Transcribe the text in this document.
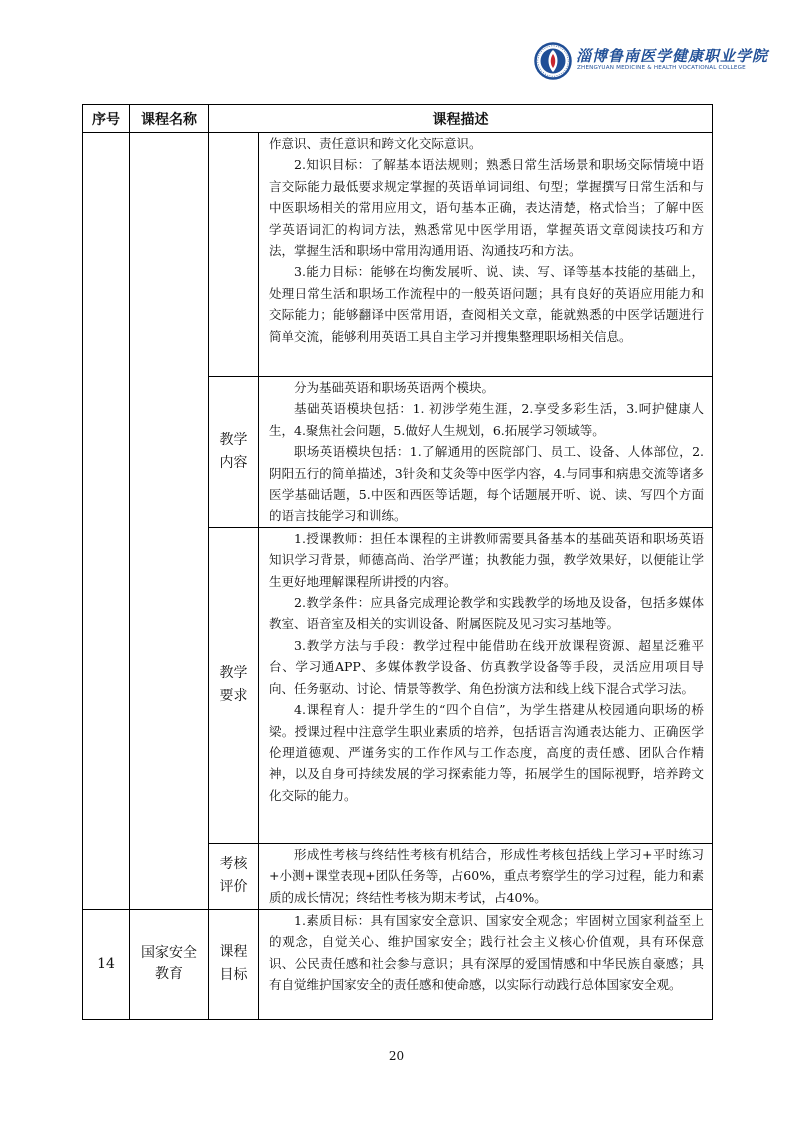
淄博鲁南医学健康职业学院
ZHENGYUAN MEDICINE & HEALTH VOCATIONAL COLLEGE
序号	课程名称	课程描述	

			作意识、责任意识和跨文化交际意识。

2.知识目标：了解基本语法规则；熟悉日常生活场景和职场交际情境中语言交际能力最低要求规定掌握的英语单词词组、句型；掌握撰写日常生活和与中医职场相关的常用应用文，语句基本正确，表达清楚，格式恰当；了解中医学英语词汇的构词方法，熟悉常见中医学用语，掌握英语文章阅读技巧和方法，掌握生活和职场中常用沟通用语、沟通技巧和方法。

3.能力目标：能够在均衡发展听、说、读、写、译等基本技能的基础上，处理日常生活和职场工作流程中的一般英语问题；具有良好的英语应用能力和交际能力；能够翻译中医常用语，查阅相关文章，能就熟悉的中医学话题进行简单交流，能够利用英语工具自主学习并搜集整理职场相关信息。

		教学内容	分为基础英语和职场英语两个模块。

基础英语模块包括：1. 初涉学苑生涯，2.享受多彩生活，3.呵护健康人生，4.聚焦社会问题，5.做好人生规划，6.拓展学习领域等。

职场英语模块包括：1.了解通用的医院部门、员工、设备、人体部位，2.阴阳五行的简单描述，3针灸和艾灸等中医学内容，4.与同事和病患交流等诸多医学基础话题，5.中医和西医等话题，每个话题展开听、说、读、写四个方面的语言技能学习和训练。

		教学要求	1.授课教师：担任本课程的主讲教师需要具备基本的基础英语和职场英语知识学习背景，师德高尚、治学严谨；执教能力强，教学效果好，以便能让学生更好地理解课程所讲授的内容。

2.教学条件：应具备完成理论教学和实践教学的场地及设备，包括多媒体教室、语音室及相关的实训设备、附属医院及见习实习基地等。

3.教学方法与手段：教学过程中能借助在线开放课程资源、超星泛雅平台、学习通APP、多媒体教学设备、仿真教学设备等手段，灵活应用项目导向、任务驱动、讨论、情景等教学、角色扮演方法和线上线下混合式学习法。

4.课程育人：提升学生的“四个自信”，为学生搭建从校园通向职场的桥梁。授课过程中注意学生职业素质的培养，包括语言沟通表达能力、正确医学伦理道德观、严谨务实的工作作风与工作态度，高度的责任感、团队合作精神，以及自身可持续发展的学习探索能力等，拓展学生的国际视野，培养跨文化交际的能力。

		考核评价	形成性考核与终结性考核有机结合，形成性考核包括线上学习+平时练习+小测+课堂表现+团队任务等，占60%，重点考察学生的学习过程，能力和素质的成长情况；终结性考核为期末考试，占40%。

14	国家安全教育	课程目标	1.素质目标：具有国家安全意识、国家安全观念；牢固树立国家利益至上的观念，自觉关心、维护国家安全；践行社会主义核心价值观，具有环保意识、公民责任感和社会参与意识；具有深厚的爱国情感和中华民族自豪感；具有自觉维护国家安全的责任感和使命感，以实际行动践行总体国家安全观。

20
